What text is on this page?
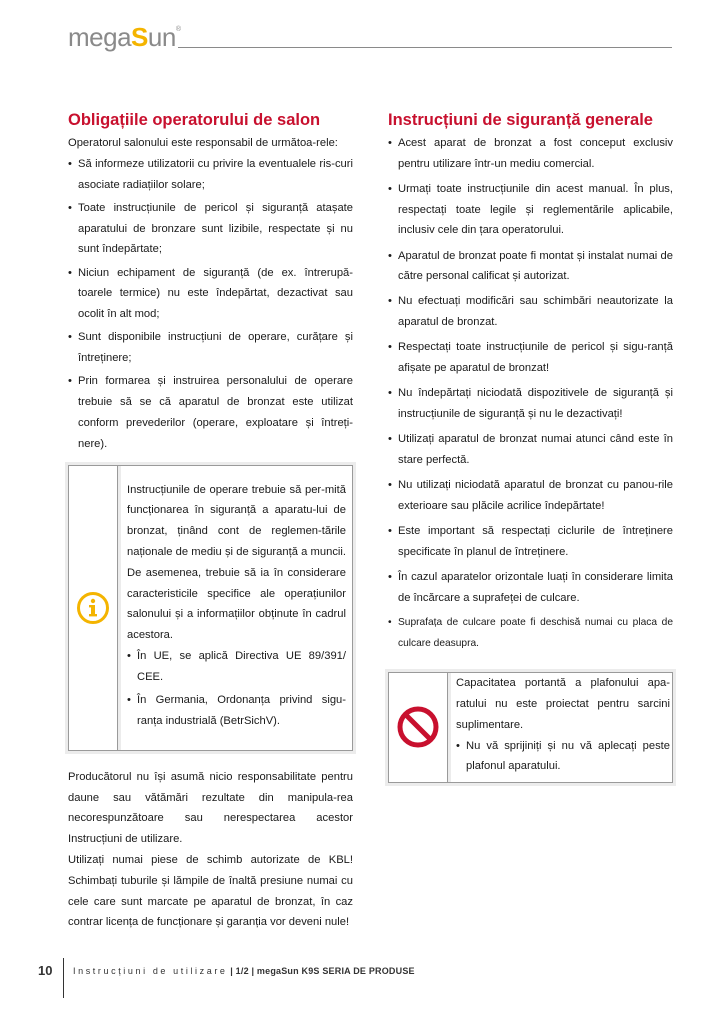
megaSun®
Obligațiile operatorului de salon

Operatorul salonului este responsabil de următoa-rele:

• Să informeze utilizatorii cu privire la eventualele ris-curi asociate radiațiilor solare;
• Toate instrucțiunile de pericol și siguranță atașate aparatului de bronzare sunt lizibile, respectate și nu sunt îndepărtate;
• Niciun echipament de siguranță (de ex. întrerupă-toarele termice) nu este îndepărtat, dezactivat sau ocolit în alt mod;
• Sunt disponibile instrucțiuni de operare, curățare și întreținere;
• Prin formarea și instruirea personalului de operare trebuie să se că aparatul de bronzat este utilizat conform prevederilor (operare, exploatare și întreți-nere).

Instrucțiunile de operare trebuie să per-mită funcționarea în siguranță a aparatu-lui de bronzat, ținând cont de reglemen-tările naționale de mediu și de siguranță a muncii. De asemenea, trebuie să ia în considerare caracteristicile specifice ale operațiunilor salonului și a informațiilor obținute în cadrul acestora.

• În UE, se aplică Directiva UE 89/391/ CEE.
• În Germania, Ordonanța privind sigu-ranța industrială (BetrSichV).

Producătorul nu își asumă nicio responsabilitate pentru daune sau vătămări rezultate din manipula-rea necorespunzătoare sau nerespectarea acestor Instrucțiuni de utilizare.

Utilizați numai piese de schimb autorizate de KBL! Schimbați tuburile și lămpile de înaltă presiune numai cu cele care sunt marcate pe aparatul de bronzat, în caz contrar licența de funcționare și garanția vor deveni nule!

Instrucțiuni de siguranță generale
• Acest aparat de bronzat a fost conceput exclusiv pentru utilizare într-un mediu comercial.
• Urmați toate instrucțiunile din acest manual. În plus, respectați toate legile și reglementările aplicabile, inclusiv cele din țara operatorului.
• Aparatul de bronzat poate fi montat și instalat numai de către personal calificat și autorizat.
• Nu efectuați modificări sau schimbări neautorizate la aparatul de bronzat.
• Respectați toate instrucțiunile de pericol și sigu-ranță afișate pe aparatul de bronzat!
• Nu îndepărtați niciodată dispozitivele de siguranță și instrucțiunile de siguranță și nu le dezactivați!
• Utilizați aparatul de bronzat numai atunci când este în stare perfectă.
• Nu utilizați niciodată aparatul de bronzat cu panou-rile exterioare sau plăcile acrilice îndepărtate!
• Este important să respectați ciclurile de întreținere specificate în planul de întreținere.
• În cazul aparatelor orizontale luați în considerare limita de încărcare a suprafeței de culcare.
• Suprafața de culcare poate fi deschisă numai cu placa de culcare deasupra.

Capacitatea portantă a plafonului apa-ratului nu este proiectat pentru sarcini suplimentare.

• Nu vă sprijiniți și nu vă aplecați peste plafonul aparatului.
10 Instrucțiuni de utilizare | 1/2 | megaSun K9S SERIA DE PRODUSE
